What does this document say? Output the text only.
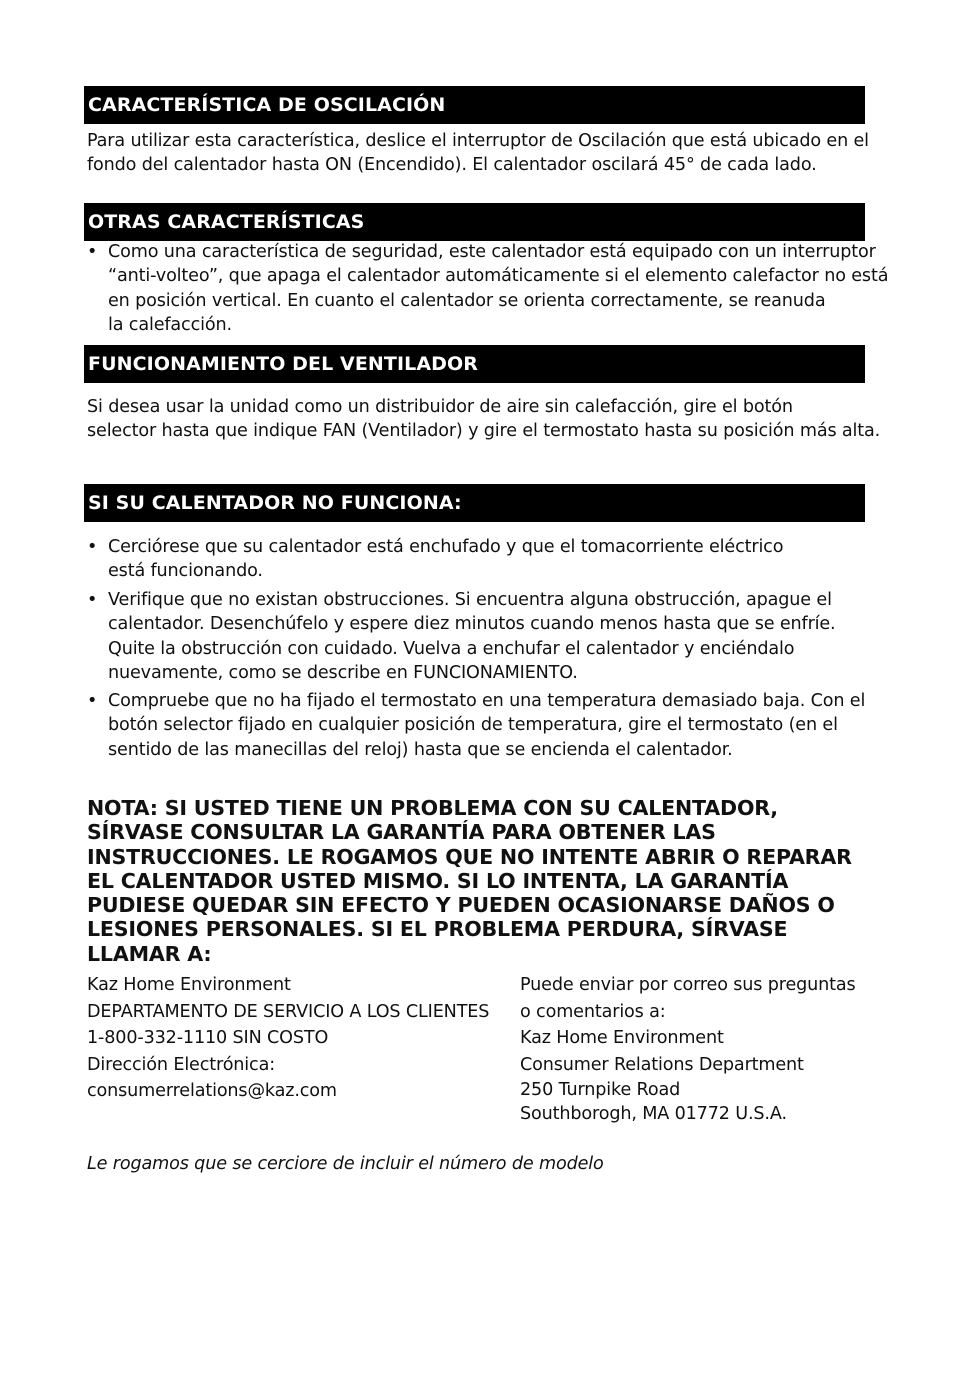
CARACTERÍSTICA DE OSCILACIÓN
Para utilizar esta característica, deslice el interruptor de Oscilación que está ubicado en el
fondo del calentador hasta ON (Encendido). El calentador oscilará 45° de cada lado.
OTRAS CARACTERÍSTICAS
• Como una característica de seguridad, este calentador está equipado con un interruptor
“anti-volteo”, que apaga el calentador automáticamente si el elemento calefactor no está
en posición vertical. En cuanto el calentador se orienta correctamente, se reanuda
la calefacción.
FUNCIONAMIENTO DEL VENTILADOR
Si desea usar la unidad como un distribuidor de aire sin calefacción, gire el botón
selector hasta que indique FAN (Ventilador) y gire el termostato hasta su posición más alta.
SI SU CALENTADOR NO FUNCIONA:
• Cerciórese que su calentador está enchufado y que el tomacorriente eléctrico
está funcionando.
• Verifique que no existan obstrucciones. Si encuentra alguna obstrucción, apague el
calentador. Desenchúfelo y espere diez minutos cuando menos hasta que se enfríe.
Quite la obstrucción con cuidado. Vuelva a enchufar el calentador y enciéndalo
nuevamente, como se describe en FUNCIONAMIENTO.
• Compruebe que no ha fijado el termostato en una temperatura demasiado baja. Con el
botón selector fijado en cualquier posición de temperatura, gire el termostato (en el
sentido de las manecillas del reloj) hasta que se encienda el calentador.
NOTA: SI USTED TIENE UN PROBLEMA CON SU CALENTADOR,
SÍRVASE CONSULTAR LA GARANTÍA PARA OBTENER LAS
INSTRUCCIONES. LE ROGAMOS QUE NO INTENTE ABRIR O REPARAR
EL CALENTADOR USTED MISMO. SI LO INTENTA, LA GARANTÍA
PUDIESE QUEDAR SIN EFECTO Y PUEDEN OCASIONARSE DAÑOS O
LESIONES PERSONALES. SI EL PROBLEMA PERDURA, SÍRVASE
LLAMAR A:
Kaz Home Environment
DEPARTAMENTO DE SERVICIO A LOS CLIENTES
1-800-332-1110 SIN COSTO
Dirección Electrónica:
consumerrelations@kaz.com
Puede enviar por correo sus preguntas
o comentarios a:
Kaz Home Environment
Consumer Relations Department
250 Turnpike Road
Southborogh, MA 01772 U.S.A.
Le rogamos que se cerciore de incluir el número de modelo
